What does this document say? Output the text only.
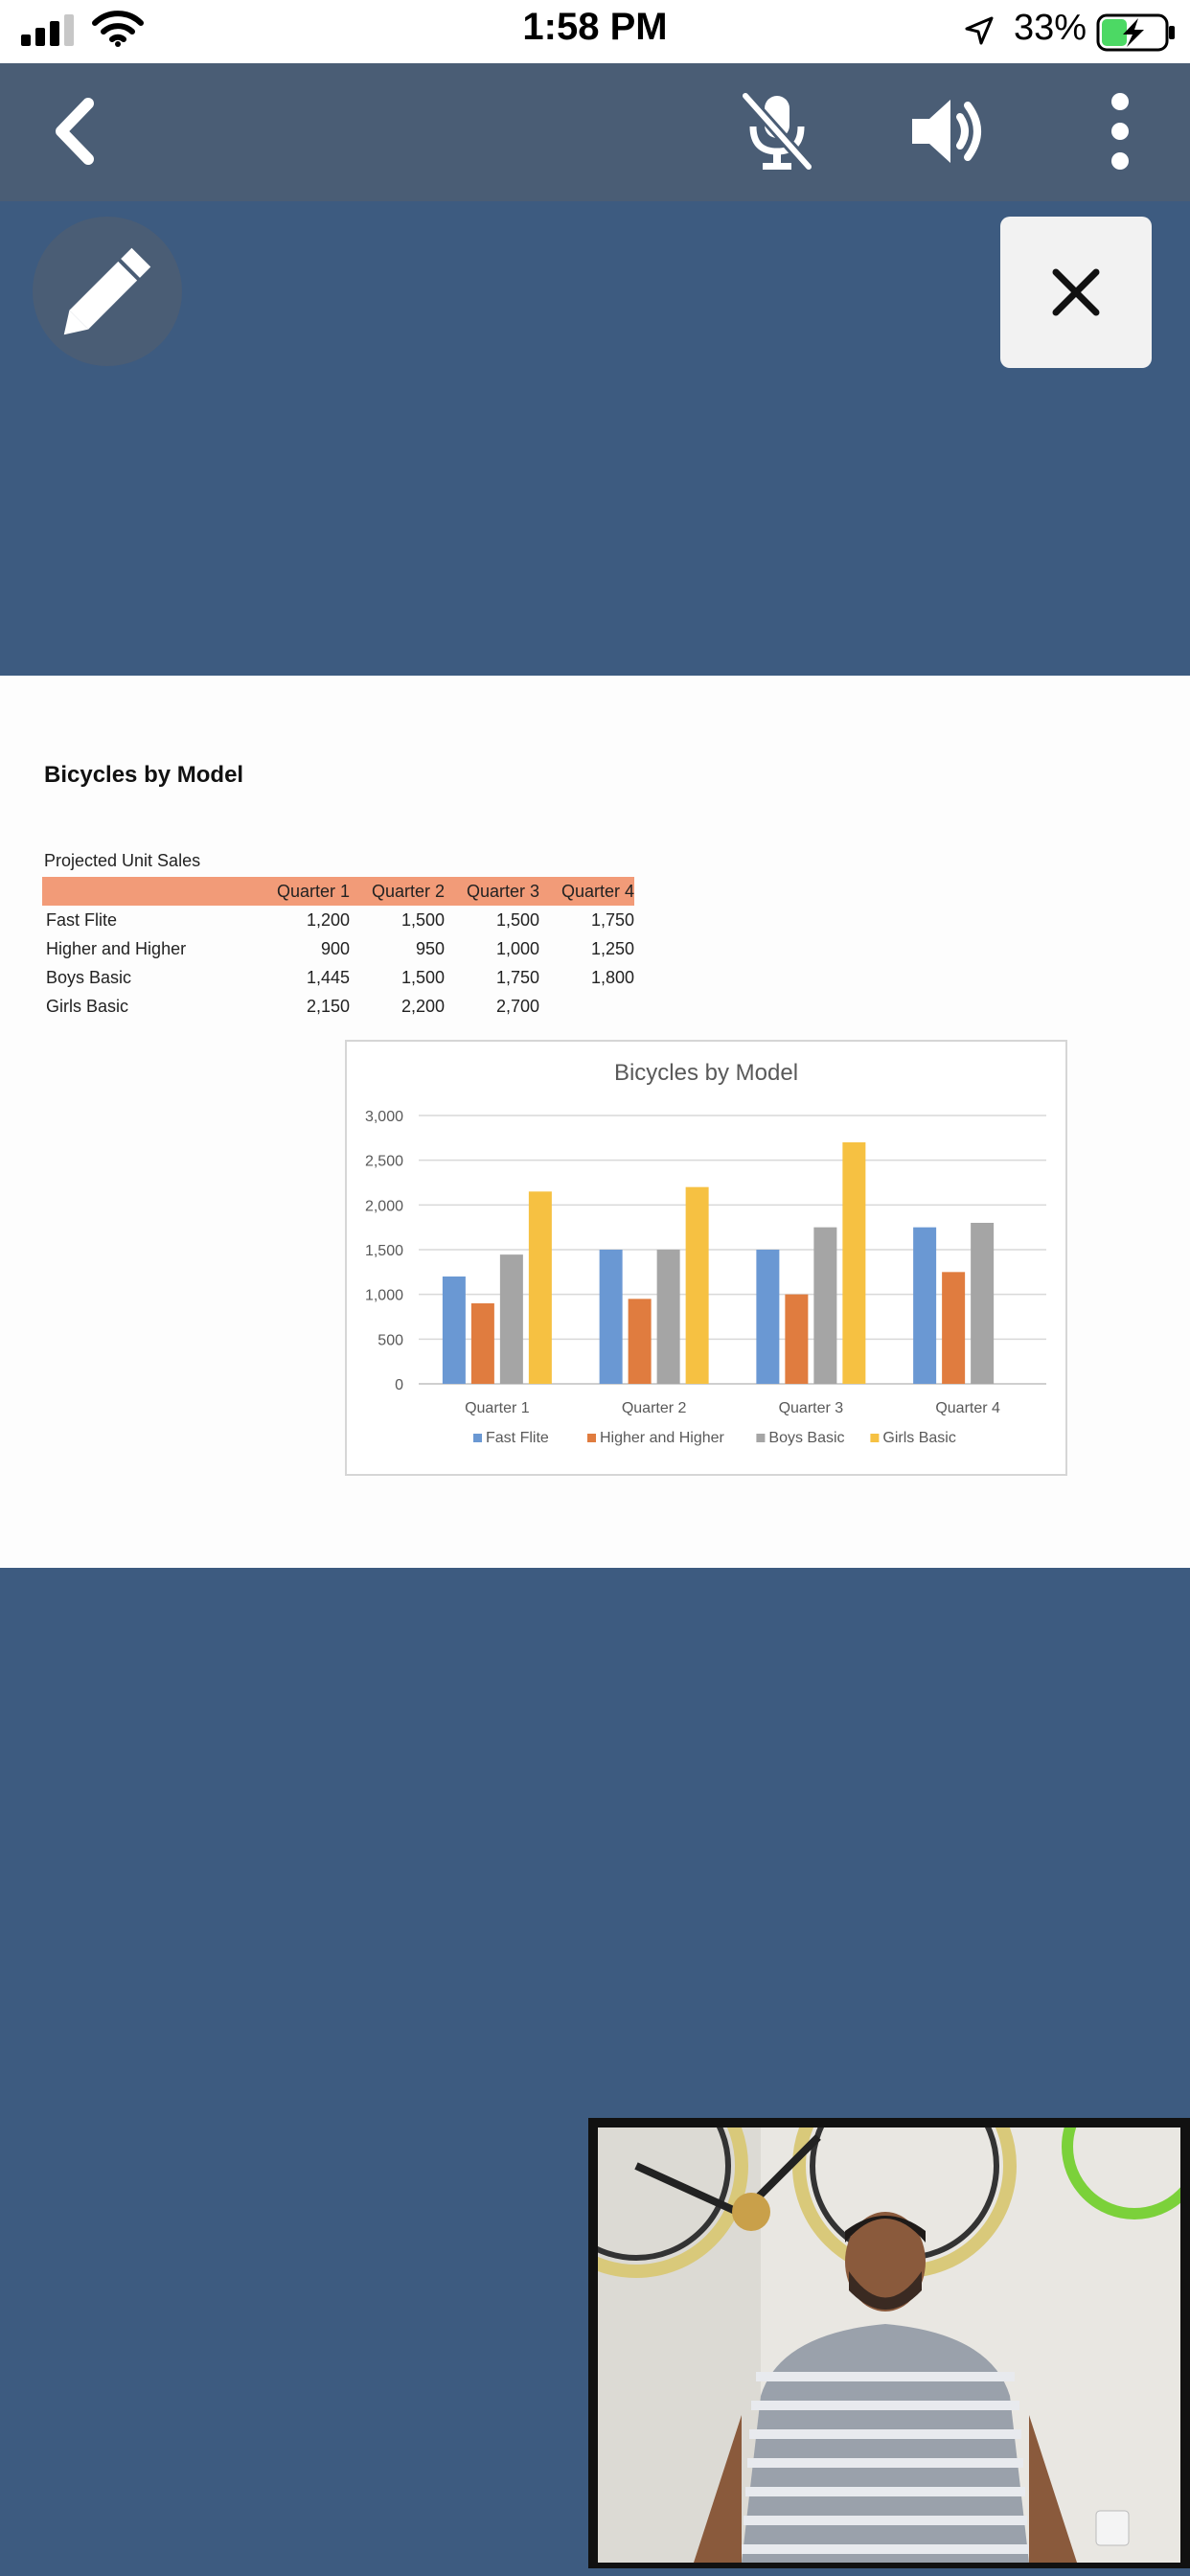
1:58 PM	33%
Bicycles by Model
Projected Unit Sales
	Quarter 1	Quarter 2	Quarter 3	Quarter 4
Fast Flite	1,200	1,500	1,500	1,750
Higher and Higher	900	950	1,000	1,250
Boys Basic	1,445	1,500	1,750	1,800
Girls Basic	2,150	2,200	2,700	
Bicycles by Model
0
500
1,000
1,500
2,000
2,500
3,000
Quarter 1	Quarter 2	Quarter 3	Quarter 4
Fast Flite	Higher and Higher	Boys Basic Girls Basic
